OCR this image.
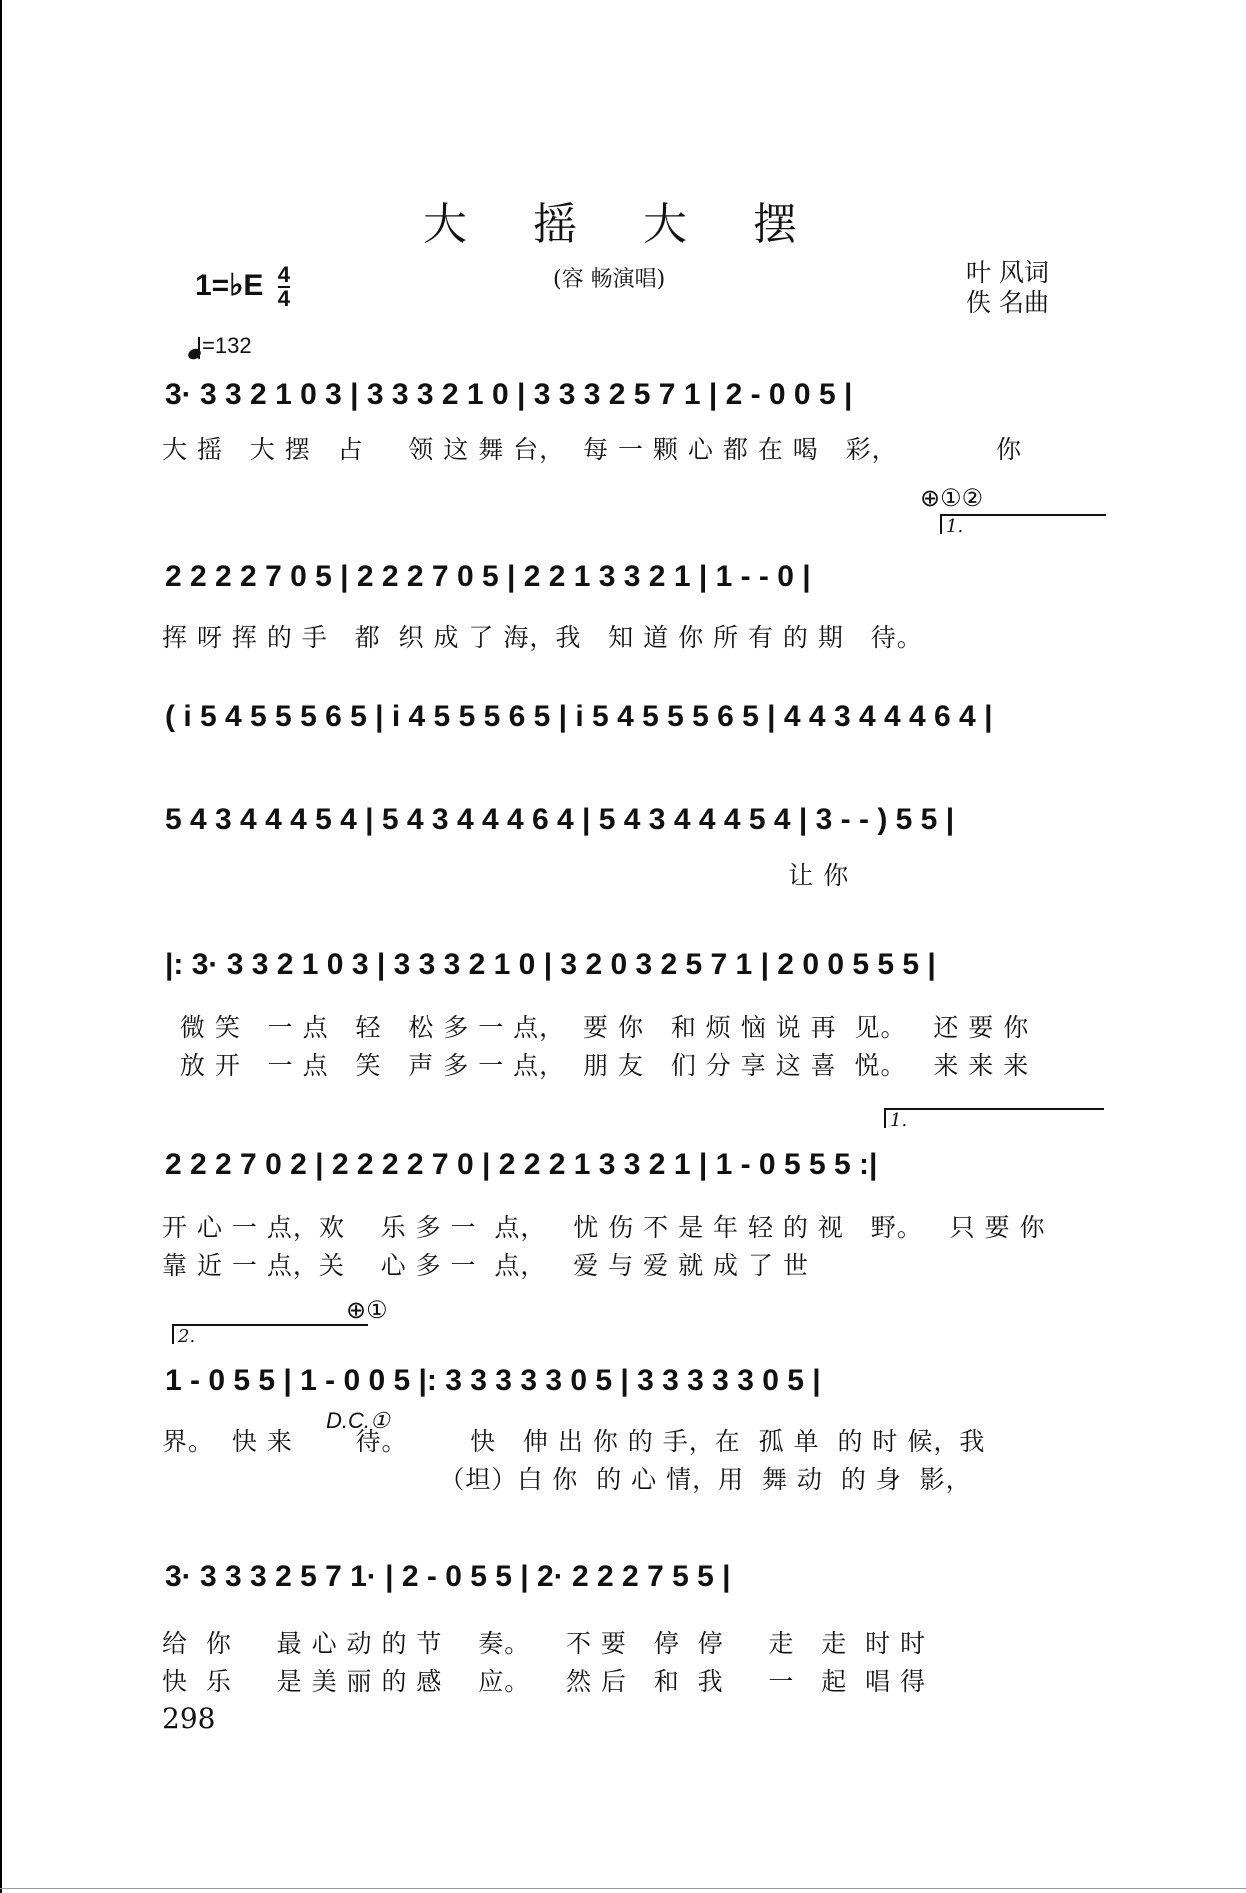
大 摇 大 摆
1=♭E $\frac{4}{4}$	(容 畅演唱)	叶 风词
佚 名曲
=132
3· 3 3 2 1 0 3 | 3 3 3 2 1 0 | 3 3 3 2 5 7 1 | 2 - 0 0 5 |
大 摇   大 摆   占     领 这 舞 台，  每 一 颗 心 都 在 喝   彩，           你
⊕①②
1.
2 2 2 2 7 0 5 | 2 2 2 7 0 5 | 2 2 1 3 3 2 1 | 1 - - 0 |
挥 呀 挥 的 手   都  织 成 了 海，我   知 道 你 所 有 的 期   待。
( i 5 4 5 5 5 6 5 | i 4 5 5 5 6 5 | i 5 4 5 5 5 6 5 | 4 4 3 4 4 4 6 4 |
5 4 3 4 4 4 5 4 | 5 4 3 4 4 4 6 4 | 5 4 3 4 4 4 5 4 | 3 - - ) 5 5 |
让 你
|: 3· 3 3 2 1 0 3 | 3 3 3 2 1 0 | 3 2 0 3 2 5 7 1 | 2 0 0 5 5 5 |
微 笑   一 点   轻   松 多 一 点，  要 你   和 烦 恼 说 再  见。   还 要 你
放 开   一 点   笑   声 多 一 点，  朋 友   们 分 享 这 喜  悦。   来 来 来
1.
2 2 2 7 0 2 | 2 2 2 2 7 0 | 2 2 2 1 3 3 2 1 | 1 - 0 5 5 5 :|
开 心 一 点，欢    乐 多 一  点，   忧 伤 不 是 年 轻 的 视   野。   只 要 你
靠 近 一 点，关    心 多 一  点，   爱 与 爱 就 成 了 世
⊕①
2.
1 - 0 5 5 | 1 - 0 0 5 |: 3 3 3 3 3 0 5 | 3 3 3 3 3 0 5 |
D.C.①
界。  快 来       待。       快   伸 出 你 的 手，在  孤 单  的 时 候，我
（坦）白 你  的 心 情，用  舞 动  的 身  影，
3· 3 3 3 2 5 7 1· | 2 - 0 5 5 | 2· 2 2 2 7 5 5 |
给  你     最 心 动 的 节    奏。    不 要   停  停     走   走  时 时
快  乐     是 美 丽 的 感    应。    然 后   和  我     一   起  唱 得
298
